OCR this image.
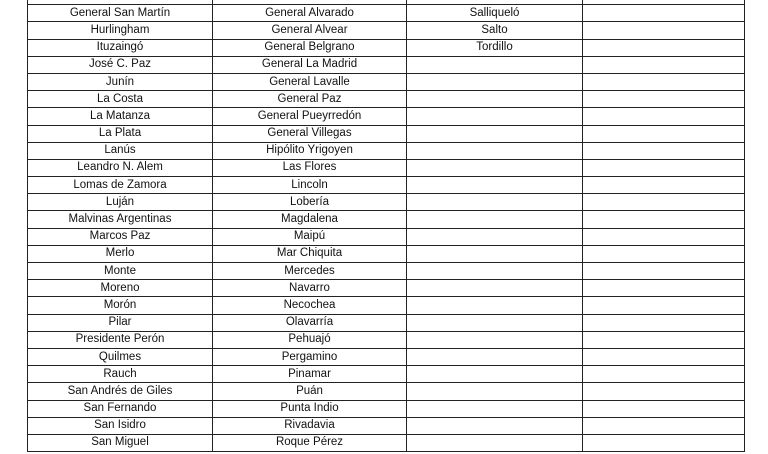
General San Martín	General Alvarado	Salliqueló	
Hurlingham	General Alvear	Salto	
Ituzaingó	General Belgrano	Tordillo	
José C. Paz	General La Madrid		
Junín	General Lavalle		
La Costa	General Paz		
La Matanza	General Pueyrredón		
La Plata	General Villegas		
Lanús	Hipólito Yrigoyen		
Leandro N. Alem	Las Flores		
Lomas de Zamora	Lincoln		
Luján	Lobería		
Malvinas Argentinas	Magdalena		
Marcos Paz	Maipú		
Merlo	Mar Chiquita		
Monte	Mercedes		
Moreno	Navarro		
Morón	Necochea		
Pilar	Olavarría		
Presidente Perón	Pehuajó		
Quilmes	Pergamino		
Rauch	Pinamar		
San Andrés de Giles	Puán		
San Fernando	Punta Indio		
San Isidro	Rivadavia		
San Miguel	Roque Pérez		
